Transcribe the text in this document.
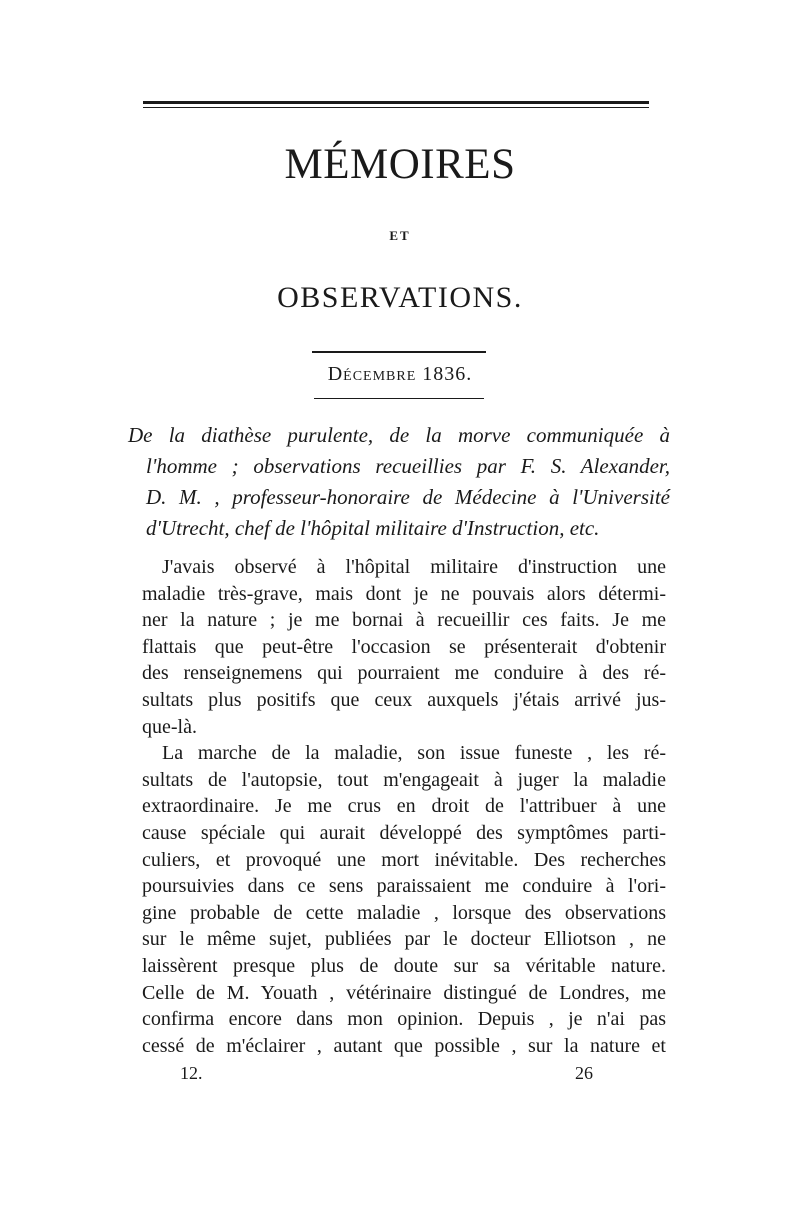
MÉMOIRES
ET
OBSERVATIONS.
Décembre 1836.
De la diathèse purulente, de la morve communiquée à
l'homme ; observations recueillies par F. S. Alexander,
D. M. , professeur-honoraire de Médecine à l'Université
d'Utrecht, chef de l'hôpital militaire d'Instruction, etc.
J'avais observé à l'hôpital militaire d'instruction une
maladie très-grave, mais dont je ne pouvais alors détermi-
ner la nature ; je me bornai à recueillir ces faits. Je me
flattais que peut-être l'occasion se présenterait d'obtenir
des renseignemens qui pourraient me conduire à des ré-
sultats plus positifs que ceux auxquels j'étais arrivé jus-
que-là.
La marche de la maladie, son issue funeste , les ré-
sultats de l'autopsie, tout m'engageait à juger la maladie
extraordinaire. Je me crus en droit de l'attribuer à une
cause spéciale qui aurait développé des symptômes parti-
culiers, et provoqué une mort inévitable. Des recherches
poursuivies dans ce sens paraissaient me conduire à l'ori-
gine probable de cette maladie , lorsque des observations
sur le même sujet, publiées par le docteur Elliotson , ne
laissèrent presque plus de doute sur sa véritable nature.
Celle de M. Youath , vétérinaire distingué de Londres, me
confirma encore dans mon opinion. Depuis , je n'ai pas
cessé de m'éclairer , autant que possible , sur la nature et
12.	26
